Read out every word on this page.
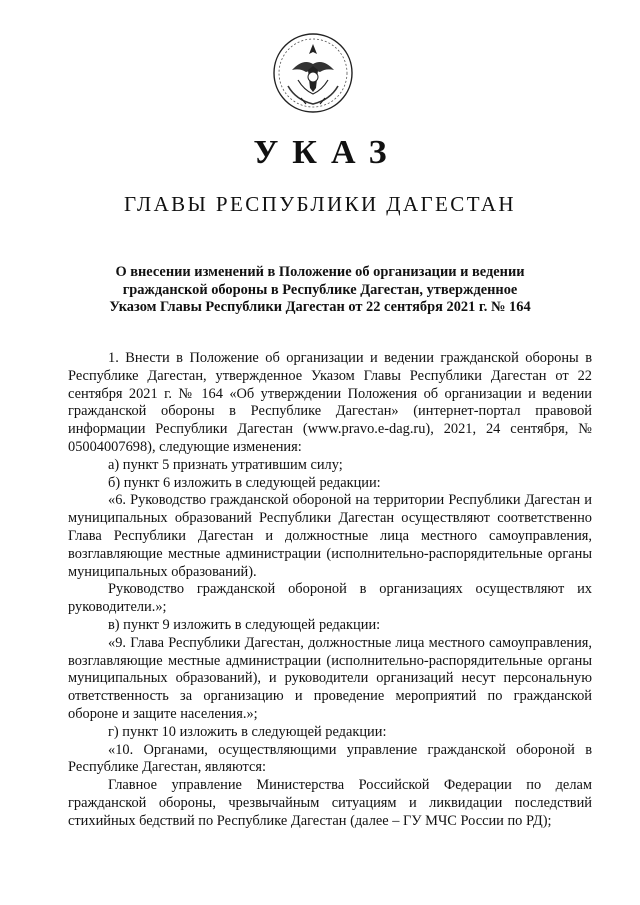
УКАЗ
ГЛАВЫ РЕСПУБЛИКИ ДАГЕСТАН
О внесении изменений в Положение об организации и ведении
гражданской обороны в Республике Дагестан, утвержденное
Указом Главы Республики Дагестан от 22 сентября 2021 г. № 164

1. Внести в Положение об организации и ведении гражданской обороны в Республике Дагестан, утвержденное Указом Главы Республики Дагестан от 22 сентября 2021 г. № 164 «Об утверждении Положения об организации и ведении гражданской обороны в Республике Дагестан» (интернет-портал правовой информации Республики Дагестан (www.pravo.e-dag.ru), 2021, 24 сентября, № 05004007698), следующие изменения:

а) пункт 5 признать утратившим силу;

б) пункт 6 изложить в следующей редакции:

«6. Руководство гражданской обороной на территории Республики Дагестан и муниципальных образований Республики Дагестан осуществляют соответственно Глава Республики Дагестан и должностные лица местного самоуправления, возглавляющие местные администрации (исполнительно-распорядительные органы муниципальных образований).

Руководство гражданской обороной в организациях осуществляют их руководители.»;

в) пункт 9 изложить в следующей редакции:

«9. Глава Республики Дагестан, должностные лица местного самоуправления, возглавляющие местные администрации (исполнительно-распорядительные органы муниципальных образований), и руководители организаций несут персональную ответственность за организацию и проведение мероприятий по гражданской обороне и защите населения.»;

г) пункт 10 изложить в следующей редакции:

«10. Органами, осуществляющими управление гражданской обороной в Республике Дагестан, являются:

Главное управление Министерства Российской Федерации по делам гражданской обороны, чрезвычайным ситуациям и ликвидации последствий стихийных бедствий по Республике Дагестан (далее – ГУ МЧС России по РД);
